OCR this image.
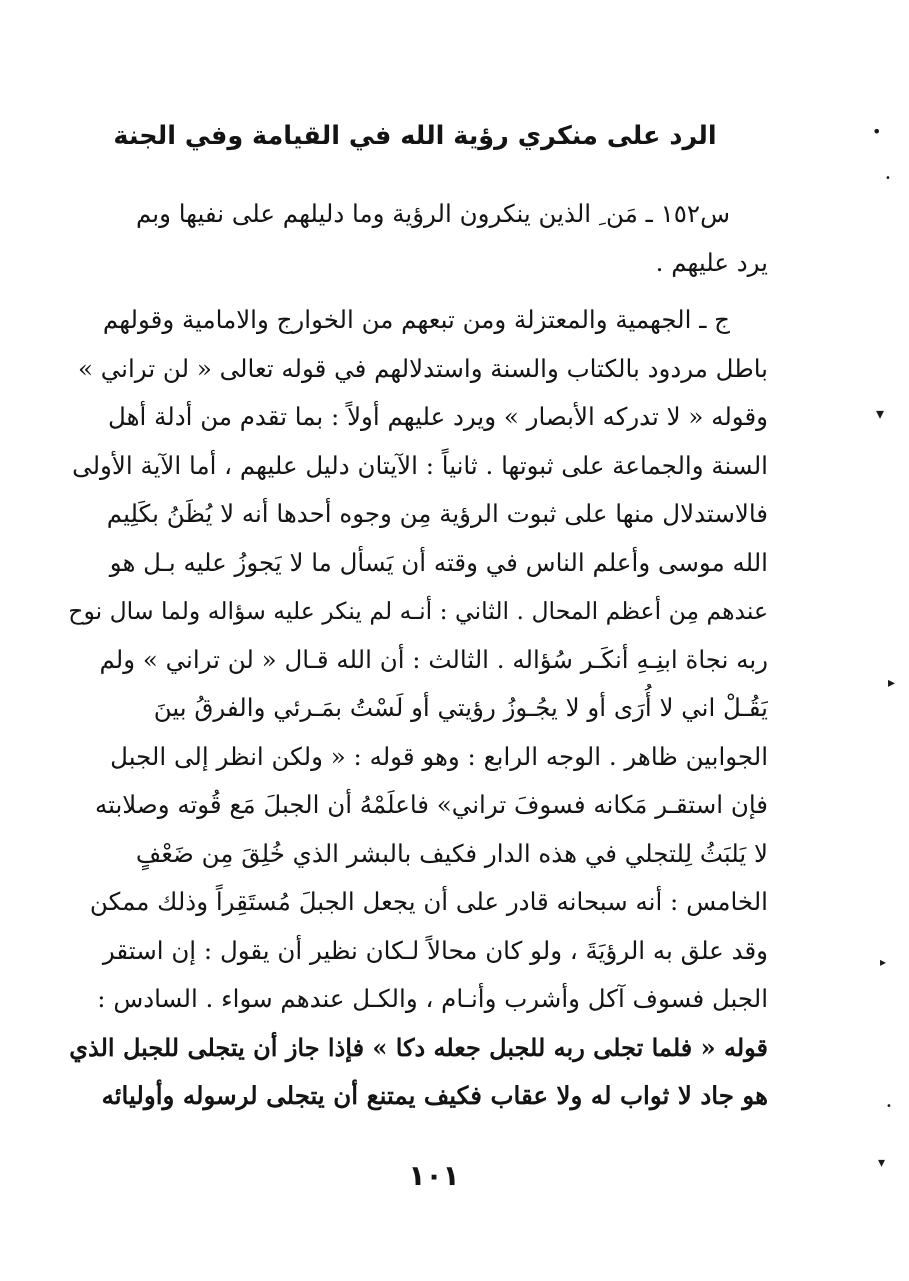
•
•
▾
▸
▸
•
▾
الرد على منكري رؤية الله في القيامة وفي الجنة
س١٥٢ ـ مَن ِ الذين ينكرون الرؤية وما دليلهم على نفيها وبم
يرد عليهم .
ج ـ الجهمية والمعتزلة ومن تبعهم من الخوارج والامامية وقولهم
باطل مردود بالكتاب والسنة واستدلالهم في قوله تعالى « لن تراني »
وقوله « لا تدركه الأبصار » ويرد عليهم أولاً : بما تقدم من أدلة أهل
السنة والجماعة على ثبوتها . ثانياً : الآيتان دليل عليهم ، أما الآية الأولى
فالاستدلال منها على ثبوت الرؤية مِن وجوه أحدها أنه لا يُظَنُ بكَلِيم
الله موسى وأعلم الناس في وقته أن يَسأل ما لا يَجوزُ عليه بـل هو
عندهم مِن أعظم المحال . الثاني : أنـه لم ينكر عليه سؤاله ولما سال نوح
ربه نجاة ابنِـهِ أنكَـر سُؤاله . الثالث : أن الله قـال « لن تراني » ولم
يَقُـلْ اني لا أُرَى أو لا يجُـوزُ رؤيتي أو لَسْتُ بمَـرئي والفرقُ بينَ
الجوابين ظاهر . الوجه الرابع : وهو قوله : « ولكن انظر إلى الجبل
فإن استقـر مَكانه فسوفَ تراني» فاعلَمْهُ أن الجبلَ مَع قُوته وصلابته
لا يَلبَثُ لِلتجلي في هذه الدار فكيف بالبشر الذي خُلِقَ مِن ضَعْفٍ
الخامس : أنه سبحانه قادر على أن يجعل الجبلَ مُستَقِراً وذلك ممكن
وقد علق به الرؤيَةَ ، ولو كان محالاً لـكان نظير أن يقول : إن استقر
الجبل فسوف آكل وأشرب وأنـام ، والكـل عندهم سواء . السادس :
قوله « فلما تجلى ربه للجبل جعله دكا » فإذا جاز أن يتجلى للجبل الذي
هو جاد لا ثواب له ولا عقاب فكيف يمتنع أن يتجلى لرسوله وأوليائه
١٠١
